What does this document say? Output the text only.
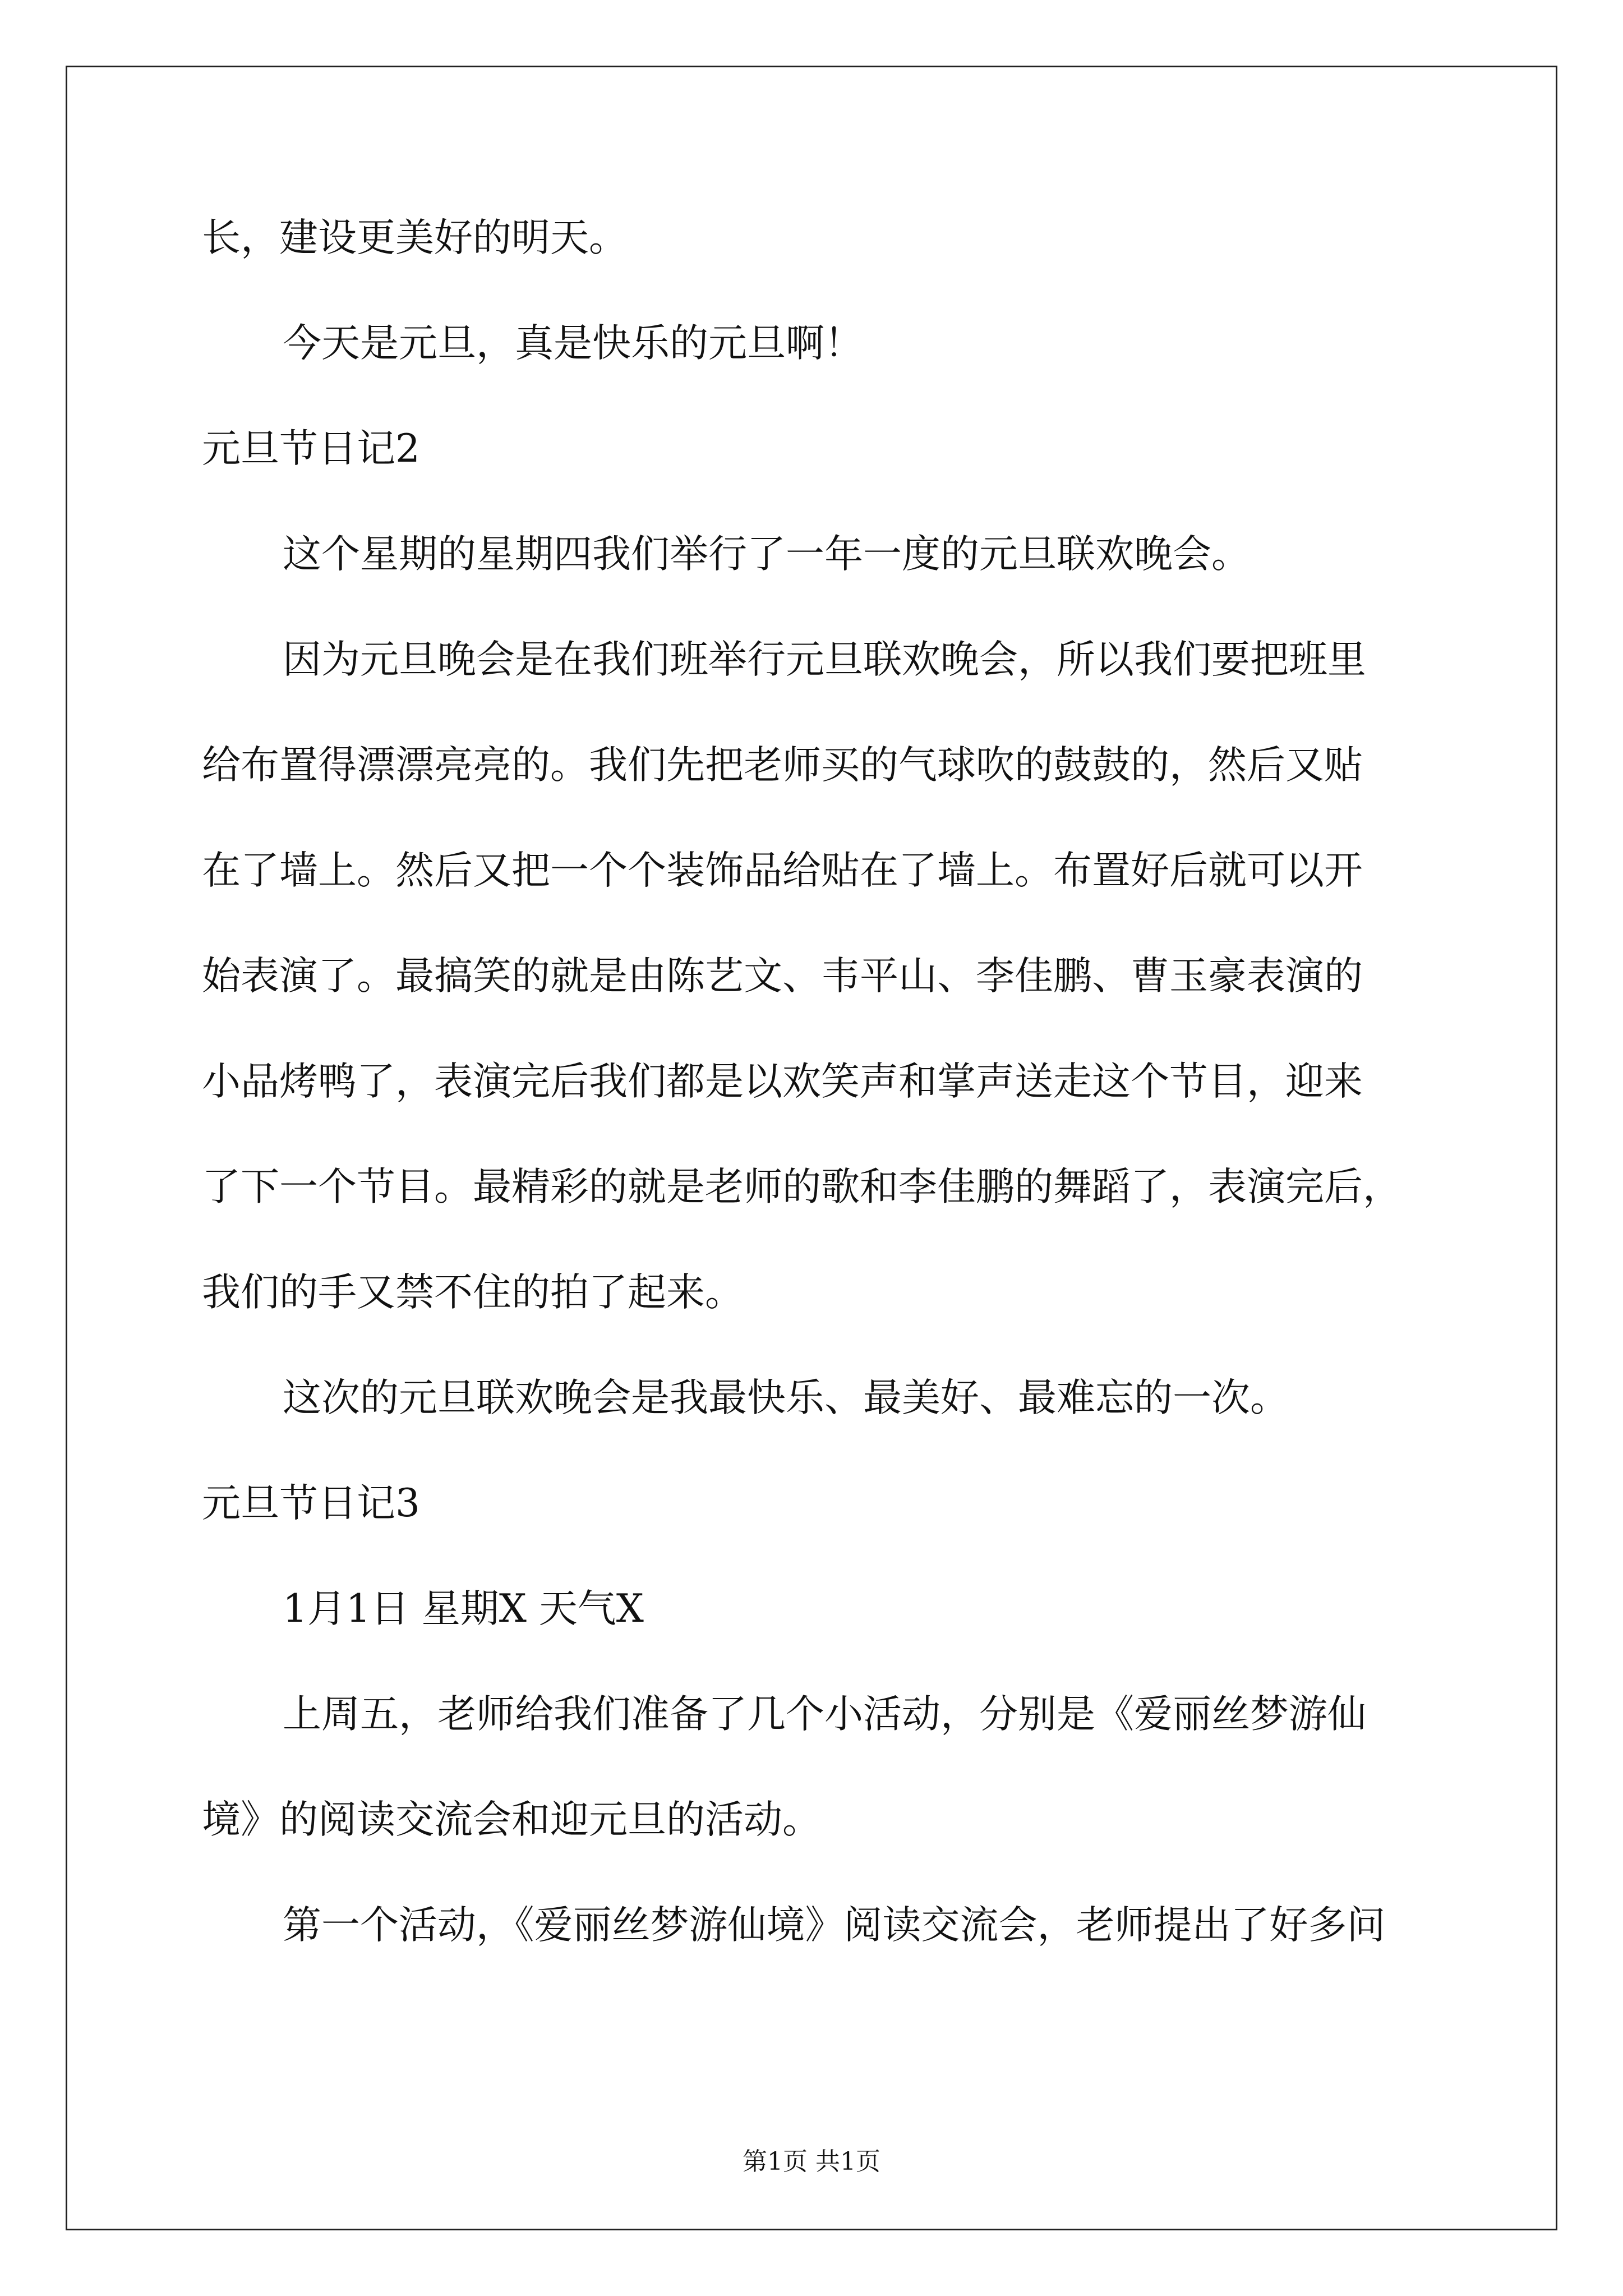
长，建设更美好的明天。
今天是元旦，真是快乐的元旦啊！
元旦节日记2
这个星期的星期四我们举行了一年一度的元旦联欢晚会。
因为元旦晚会是在我们班举行元旦联欢晚会，所以我们要把班里
给布置得漂漂亮亮的。我们先把老师买的气球吹的鼓鼓的，然后又贴
在了墙上。然后又把一个个装饰品给贴在了墙上。布置好后就可以开
始表演了。最搞笑的就是由陈艺文、韦平山、李佳鹏、曹玉豪表演的
小品烤鸭了，表演完后我们都是以欢笑声和掌声送走这个节目，迎来
了下一个节目。最精彩的就是老师的歌和李佳鹏的舞蹈了，表演完后，
我们的手又禁不住的拍了起来。
这次的元旦联欢晚会是我最快乐、最美好、最难忘的一次。
元旦节日记3
1月1日 星期X 天气X
上周五，老师给我们准备了几个小活动，分别是《爱丽丝梦游仙
境》的阅读交流会和迎元旦的活动。
第一个活动，《爱丽丝梦游仙境》阅读交流会，老师提出了好多问
第1页 共1页
